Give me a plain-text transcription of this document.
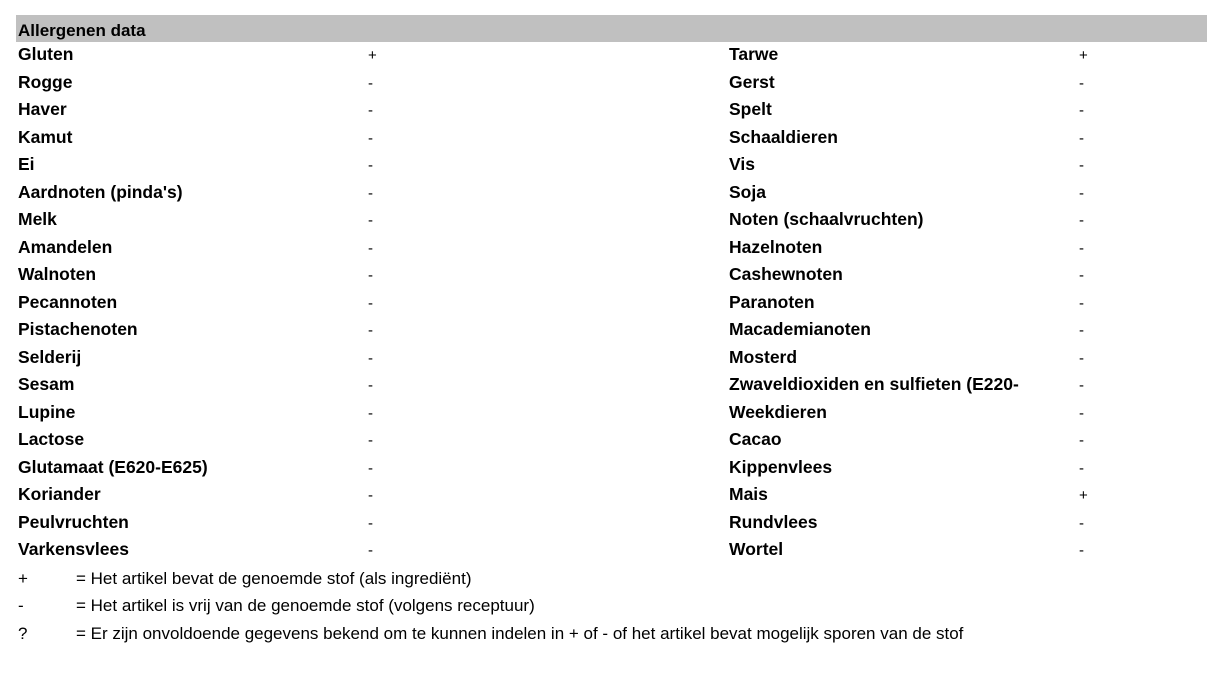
Allergenen data
Gluten	+	Tarwe	+
Rogge	-	Gerst	-
Haver	-	Spelt	-
Kamut	-	Schaaldieren	-
Ei	-	Vis	-
Aardnoten (pinda's)	-	Soja	-
Melk	-	Noten (schaalvruchten)	-
Amandelen	-	Hazelnoten	-
Walnoten	-	Cashewnoten	-
Pecannoten	-	Paranoten	-
Pistachenoten	-	Macademianoten	-
Selderij	-	Mosterd	-
Sesam	-	Zwaveldioxiden en sulfieten (E220-	-
Lupine	-	Weekdieren	-
Lactose	-	Cacao	-
Glutamaat (E620-E625)	-	Kippenvlees	-
Koriander	-	Mais	+
Peulvruchten	-	Rundvlees	-
Varkensvlees	-	Wortel	-
+	= Het artikel bevat de genoemde stof (als ingrediënt)
-	= Het artikel is vrij van de genoemde stof (volgens receptuur)
?	= Er zijn onvoldoende gegevens bekend om te kunnen indelen in + of - of het artikel bevat mogelijk sporen van de stof
